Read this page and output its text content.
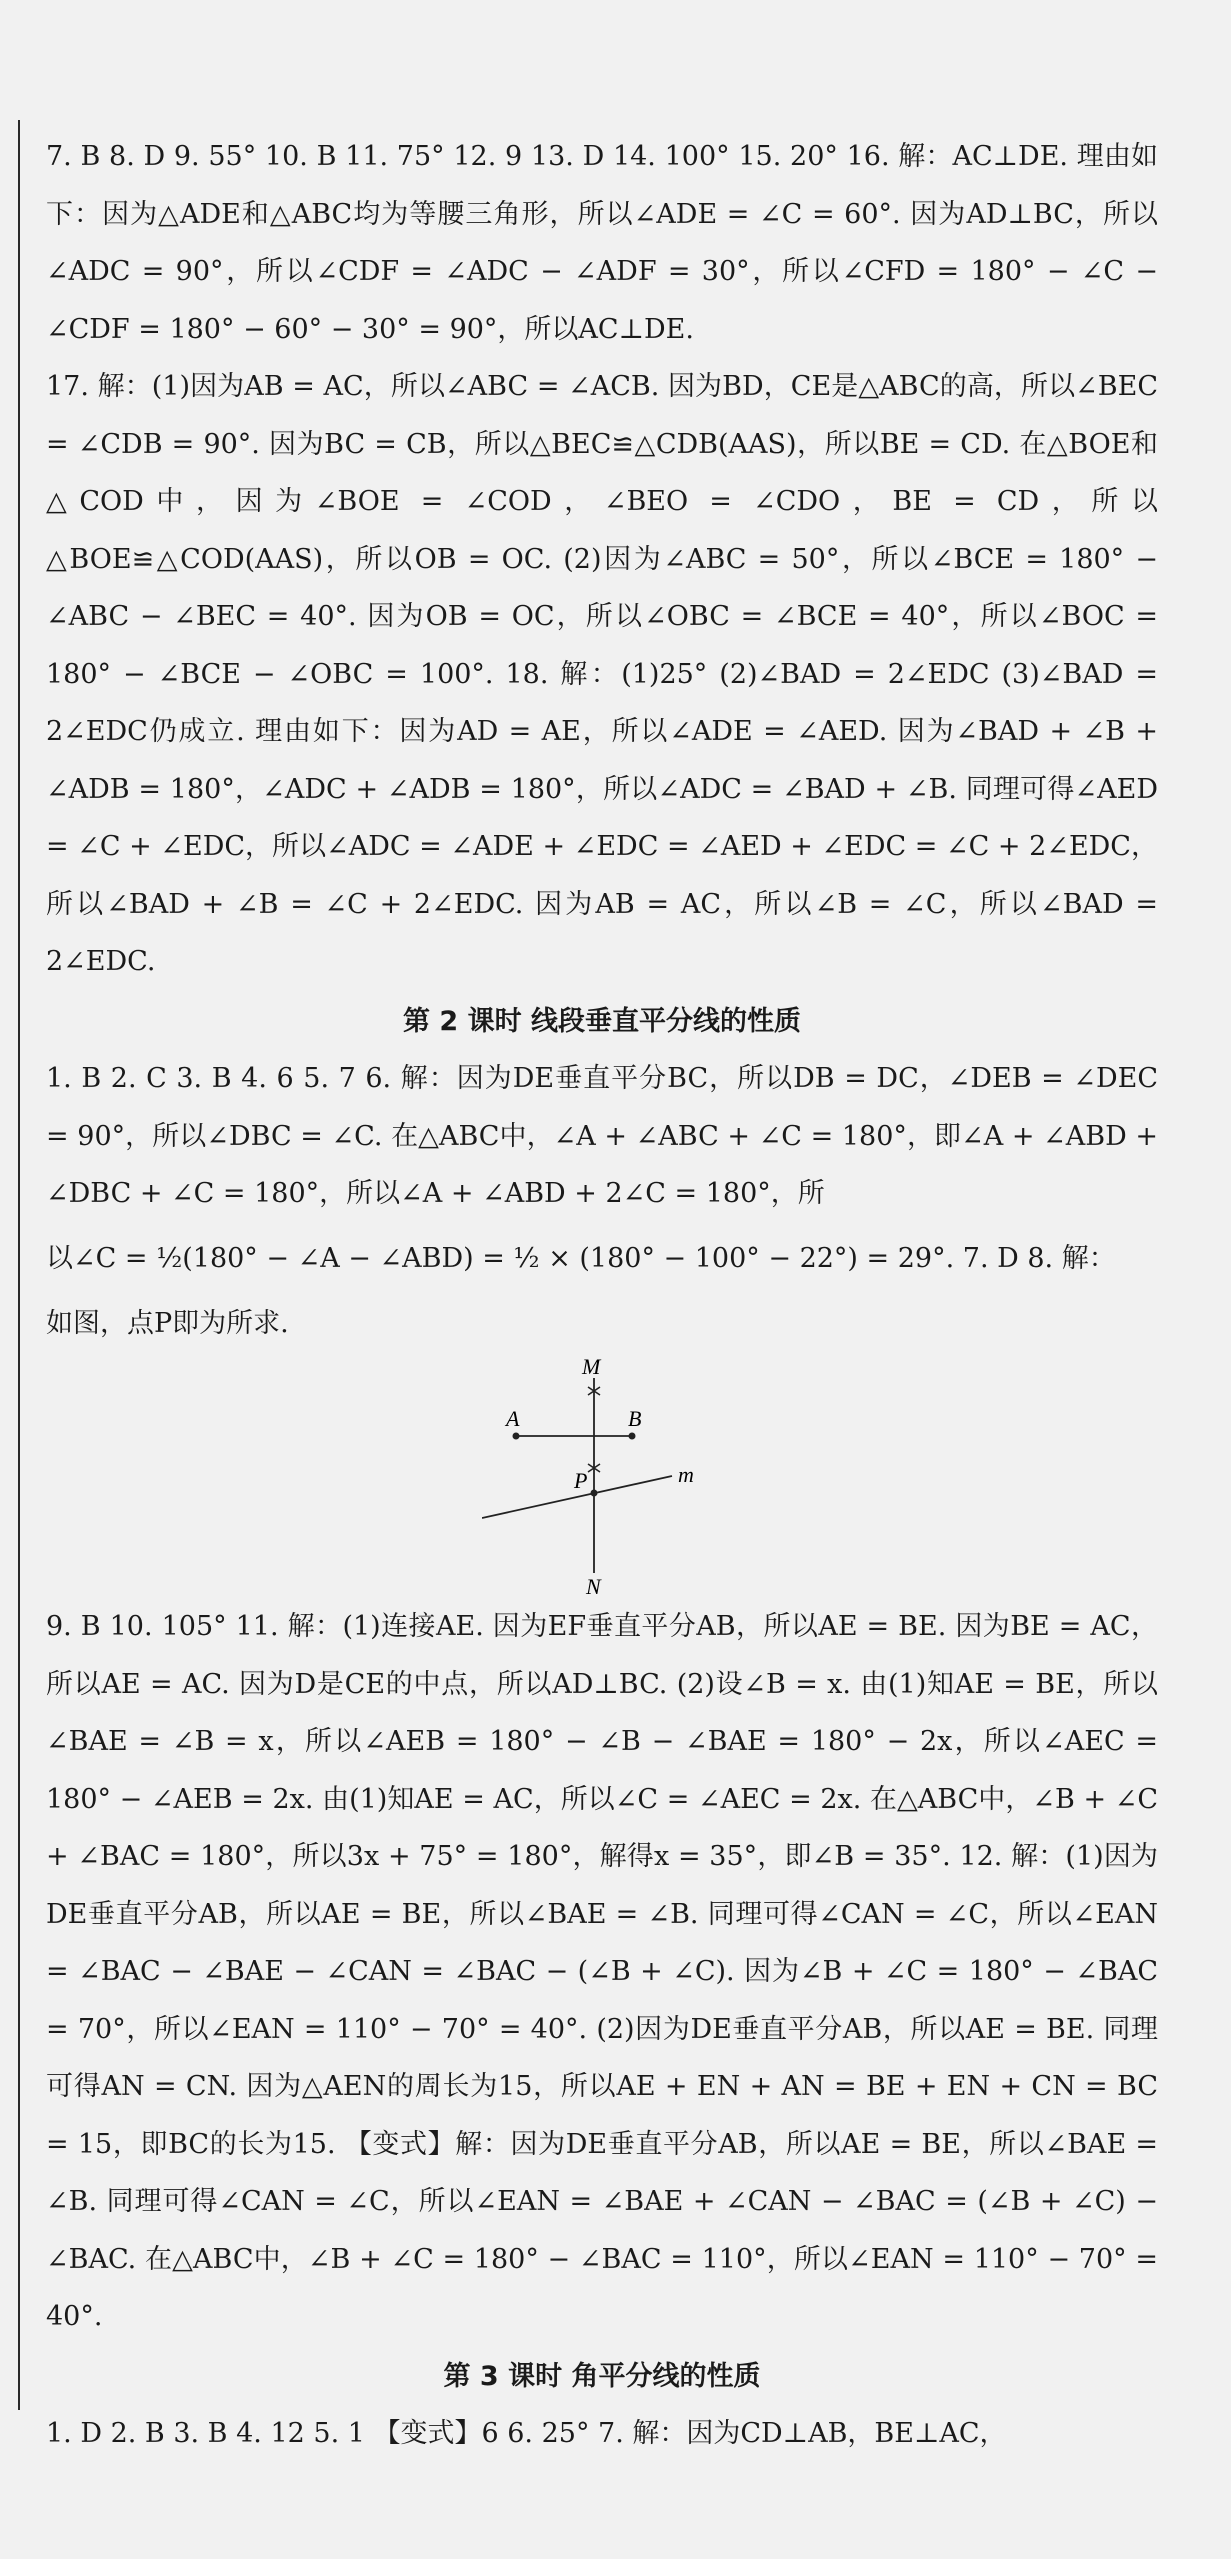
7. B 8. D 9. 55° 10. B 11. 75° 12. 9 13. D 14. 100° 15. 20° 16. 解：AC⊥DE. 理由如下：因为△ADE和△ABC均为等腰三角形，所以∠ADE = ∠C = 60°. 因为AD⊥BC，所以∠ADC = 90°，所以∠CDF = ∠ADC − ∠ADF = 30°，所以∠CFD = 180° − ∠C − ∠CDF = 180° − 60° − 30° = 90°，所以AC⊥DE.

17. 解：(1)因为AB = AC，所以∠ABC = ∠ACB. 因为BD，CE是△ABC的高，所以∠BEC = ∠CDB = 90°. 因为BC = CB，所以△BEC≌△CDB(AAS)，所以BE = CD. 在△BOE和△COD中，因为∠BOE = ∠COD，∠BEO = ∠CDO，BE = CD，所以△BOE≌△COD(AAS)，所以OB = OC. (2)因为∠ABC = 50°，所以∠BCE = 180° − ∠ABC − ∠BEC = 40°. 因为OB = OC，所以∠OBC = ∠BCE = 40°，所以∠BOC = 180° − ∠BCE − ∠OBC = 100°. 18. 解：(1)25° (2)∠BAD = 2∠EDC (3)∠BAD = 2∠EDC仍成立. 理由如下：因为AD = AE，所以∠ADE = ∠AED. 因为∠BAD + ∠B + ∠ADB = 180°，∠ADC + ∠ADB = 180°，所以∠ADC = ∠BAD + ∠B. 同理可得∠AED = ∠C + ∠EDC，所以∠ADC = ∠ADE + ∠EDC = ∠AED + ∠EDC = ∠C + 2∠EDC，所以∠BAD + ∠B = ∠C + 2∠EDC. 因为AB = AC，所以∠B = ∠C，所以∠BAD = 2∠EDC.

第 2 课时 线段垂直平分线的性质

1. B 2. C 3. B 4. 6 5. 7 6. 解：因为DE垂直平分BC，所以DB = DC，∠DEB = ∠DEC = 90°，所以∠DBC = ∠C. 在△ABC中，∠A + ∠ABC + ∠C = 180°，即∠A + ∠ABD + ∠DBC + ∠C = 180°，所以∠A + ∠ABD + 2∠C = 180°，所

以∠C = ½(180° − ∠A − ∠ABD) = ½ × (180° − 100° − 22°) = 29°. 7. D 8. 解：

如图，点P即为所求.

M
A	B
P	m
N

9. B 10. 105° 11. 解：(1)连接AE. 因为EF垂直平分AB，所以AE = BE. 因为BE = AC，所以AE = AC. 因为D是CE的中点，所以AD⊥BC. (2)设∠B = x. 由(1)知AE = BE，所以∠BAE = ∠B = x，所以∠AEB = 180° − ∠B − ∠BAE = 180° − 2x，所以∠AEC = 180° − ∠AEB = 2x. 由(1)知AE = AC，所以∠C = ∠AEC = 2x. 在△ABC中，∠B + ∠C + ∠BAC = 180°，所以3x + 75° = 180°，解得x = 35°，即∠B = 35°. 12. 解：(1)因为DE垂直平分AB，所以AE = BE，所以∠BAE = ∠B. 同理可得∠CAN = ∠C，所以∠EAN = ∠BAC − ∠BAE − ∠CAN = ∠BAC − (∠B + ∠C). 因为∠B + ∠C = 180° − ∠BAC = 70°，所以∠EAN = 110° − 70° = 40°. (2)因为DE垂直平分AB，所以AE = BE. 同理可得AN = CN. 因为△AEN的周长为15，所以AE + EN + AN = BE + EN + CN = BC = 15，即BC的长为15. 【变式】解：因为DE垂直平分AB，所以AE = BE，所以∠BAE = ∠B. 同理可得∠CAN = ∠C，所以∠EAN = ∠BAE + ∠CAN − ∠BAC = (∠B + ∠C) − ∠BAC. 在△ABC中，∠B + ∠C = 180° − ∠BAC = 110°，所以∠EAN = 110° − 70° = 40°.

第 3 课时 角平分线的性质

1. D 2. B 3. B 4. 12 5. 1 【变式】6 6. 25° 7. 解：因为CD⊥AB，BE⊥AC，
